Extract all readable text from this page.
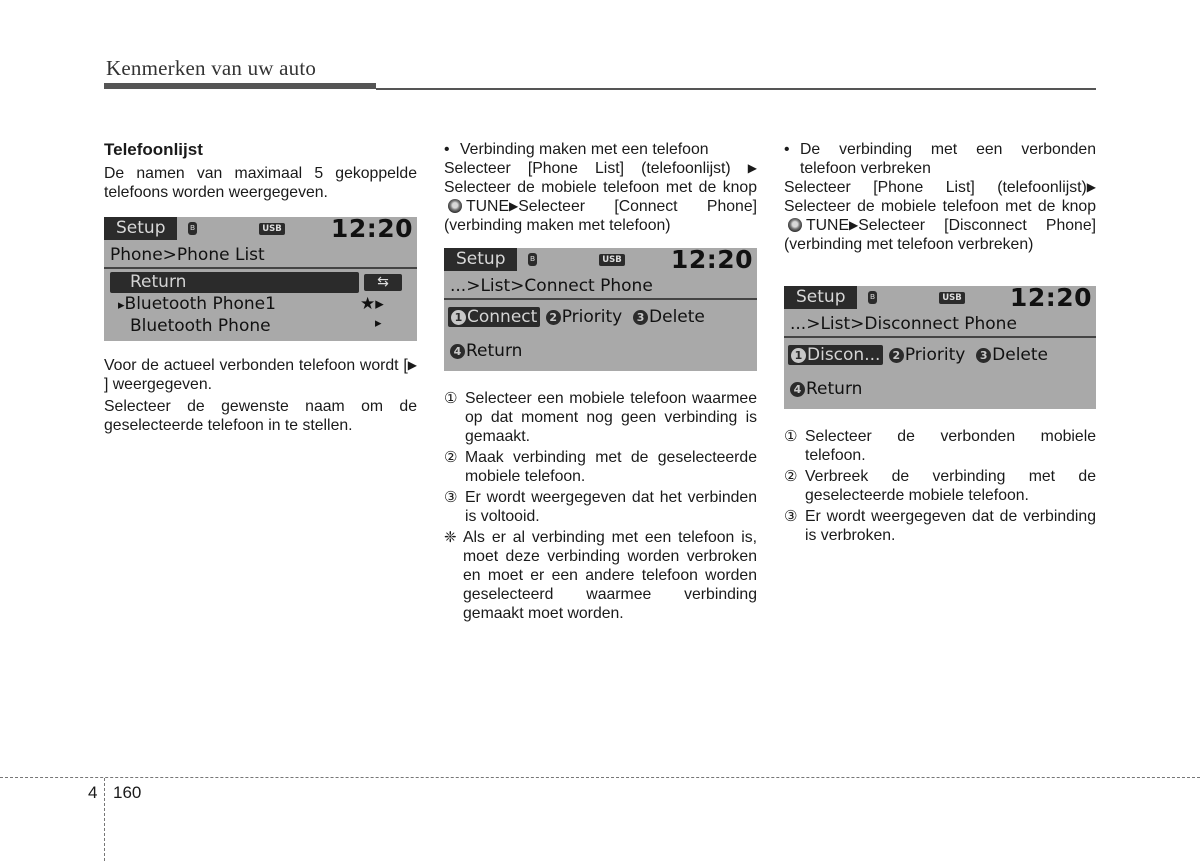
Kenmerken van uw auto

Telefoonlijst

De namen van maximaal 5 gekoppelde telefoons worden weergegeven.

Setup	ʙ	USB 12:20
Phone>Phone List
Return	⇆
▸Bluetooth Phone1	★▸
Bluetooth Phone	▸

Voor de actueel verbonden telefoon wordt [▶] weergegeven.

Selecteer de gewenste naam om de geselecteerde telefoon in te stellen.

• Verbinding maken met een telefoon

Selecteer [Phone List] (telefoonlijst) ▶ Selecteer de mobiele telefoon met de knopTUNE▶Selecteer [Connect Phone] (verbinding maken met telefoon)

Setup	ʙ	USB 12:20
...>List>Connect Phone
1 Connect 2 Priority 3 Delete
4 Return

① Selecteer een mobiele telefoon waarmee op dat moment nog geen verbinding is gemaakt.

② Maak verbinding met de geselecteerde mobiele telefoon.

③ Er wordt weergegeven dat het verbinden is voltooid.

❈ Als er al verbinding met een telefoon is, moet deze verbinding worden verbroken en moet er een andere telefoon worden geselecteerd waarmee verbinding gemaakt moet worden.

• De verbinding met een verbonden telefoon verbreken

Selecteer [Phone List] (telefoonlijst)▶ Selecteer de mobiele telefoon met de knopTUNE▶Selecteer [Disconnect Phone] (verbinding met telefoon verbreken)

Setup	ʙ	USB 12:20
...>List>Disconnect Phone
1 Discon... 2 Priority 3 Delete
4 Return

① Selecteer de verbonden mobiele telefoon.

② Verbreek de verbinding met de geselecteerde mobiele telefoon.

③ Er wordt weergegeven dat de verbinding is verbroken.

4 160
